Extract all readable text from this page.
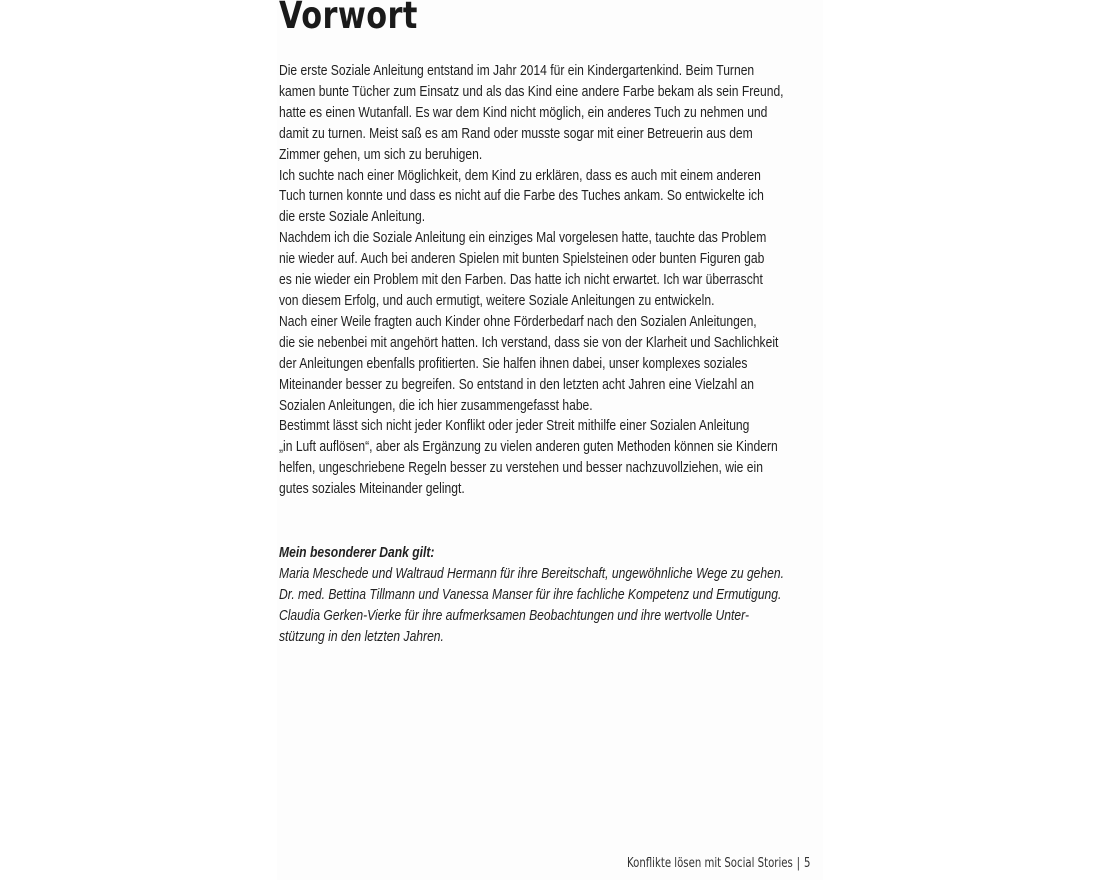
Vorwort
Die erste Soziale Anleitung entstand im Jahr 2014 für ein Kindergartenkind. Beim Turnen
kamen bunte Tücher zum Einsatz und als das Kind eine andere Farbe bekam als sein Freund,
hatte es einen Wutanfall. Es war dem Kind nicht möglich, ein anderes Tuch zu nehmen und
damit zu turnen. Meist saß es am Rand oder musste sogar mit einer Betreuerin aus dem
Zimmer gehen, um sich zu beruhigen.
Ich suchte nach einer Möglichkeit, dem Kind zu erklären, dass es auch mit einem anderen
Tuch turnen konnte und dass es nicht auf die Farbe des Tuches ankam. So entwickelte ich
die erste Soziale Anleitung.
Nachdem ich die Soziale Anleitung ein einziges Mal vorgelesen hatte, tauchte das Problem
nie wieder auf. Auch bei anderen Spielen mit bunten Spielsteinen oder bunten Figuren gab
es nie wieder ein Problem mit den Farben. Das hatte ich nicht erwartet. Ich war überrascht
von diesem Erfolg, und auch ermutigt, weitere Soziale Anleitungen zu entwickeln.
Nach einer Weile fragten auch Kinder ohne Förderbedarf nach den Sozialen Anleitungen,
die sie nebenbei mit angehört hatten. Ich verstand, dass sie von der Klarheit und Sachlichkeit
der Anleitungen ebenfalls profitierten. Sie halfen ihnen dabei, unser komplexes soziales
Miteinander besser zu begreifen. So entstand in den letzten acht Jahren eine Vielzahl an
Sozialen Anleitungen, die ich hier zusammengefasst habe.
Bestimmt lässt sich nicht jeder Konflikt oder jeder Streit mithilfe einer Sozialen Anleitung
„in Luft auflösen“, aber als Ergänzung zu vielen anderen guten Methoden können sie Kindern
helfen, ungeschriebene Regeln besser zu verstehen und besser nachzuvollziehen, wie ein
gutes soziales Miteinander gelingt.
Mein besonderer Dank gilt:
Maria Meschede und Waltraud Hermann für ihre Bereitschaft, ungewöhnliche Wege zu gehen.
Dr. med. Bettina Tillmann und Vanessa Manser für ihre fachliche Kompetenz und Ermutigung.
Claudia Gerken-Vierke für ihre aufmerksamen Beobachtungen und ihre wertvolle Unter-
stützung in den letzten Jahren.
Konflikte lösen mit Social Stories | 5
